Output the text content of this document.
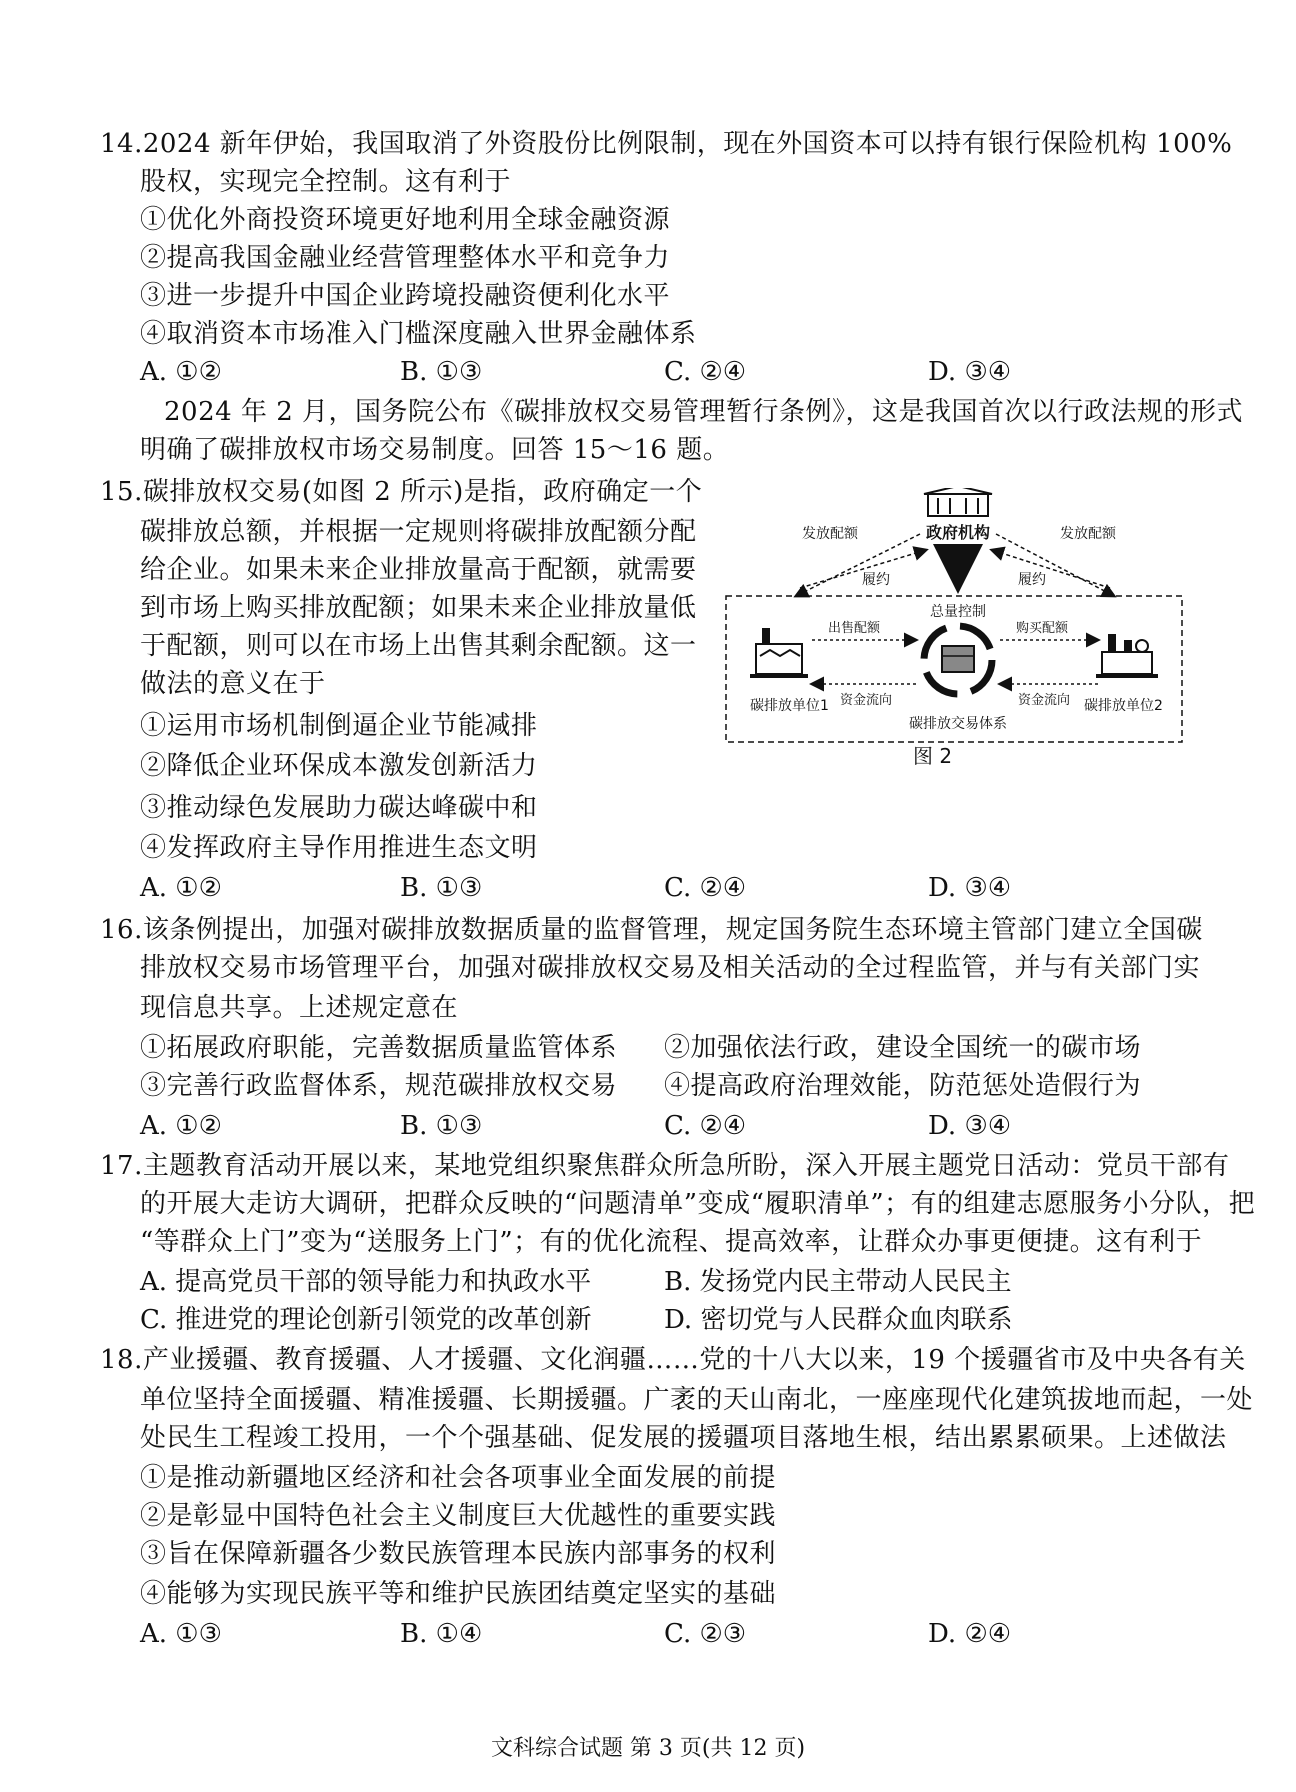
14.2024 新年伊始，我国取消了外资股份比例限制，现在外国资本可以持有银行保险机构 100%
股权，实现完全控制。这有利于
①优化外商投资环境更好地利用全球金融资源
②提高我国金融业经营管理整体水平和竞争力
③进一步提升中国企业跨境投融资便利化水平
④取消资本市场准入门槛深度融入世界金融体系
A. ①②	B. ①③	C. ②④	D. ③④
2024 年 2 月，国务院公布《碳排放权交易管理暂行条例》，这是我国首次以行政法规的形式
明确了碳排放权市场交易制度。回答 15～16 题。
15.碳排放权交易(如图 2 所示)是指，政府确定一个
碳排放总额，并根据一定规则将碳排放配额分配
给企业。如果未来企业排放量高于配额，就需要
到市场上购买排放配额；如果未来企业排放量低
于配额，则可以在市场上出售其剩余配额。这一
做法的意义在于
①运用市场机制倒逼企业节能减排
②降低企业环保成本激发创新活力
③推动绿色发展助力碳达峰碳中和
④发挥政府主导作用推进生态文明
A. ①②	B. ①③	C. ②④	D. ③④
政府机构
发放配额	发放配额
履约	履约
总量控制
出售配额	购买配额
资金流向	资金流向
碳排放单位1	碳排放单位2
碳排放交易体系
图 2
16.该条例提出，加强对碳排放数据质量的监督管理，规定国务院生态环境主管部门建立全国碳
排放权交易市场管理平台，加强对碳排放权交易及相关活动的全过程监管，并与有关部门实
现信息共享。上述规定意在
①拓展政府职能，完善数据质量监管体系 ②加强依法行政，建设全国统一的碳市场
③完善行政监督体系，规范碳排放权交易 ④提高政府治理效能，防范惩处造假行为
A. ①②	B. ①③	C. ②④	D. ③④
17.主题教育活动开展以来，某地党组织聚焦群众所急所盼，深入开展主题党日活动：党员干部有
的开展大走访大调研，把群众反映的“问题清单”变成“履职清单”；有的组建志愿服务小分队，把
“等群众上门”变为“送服务上门”；有的优化流程、提高效率，让群众办事更便捷。这有利于
A. 提高党员干部的领导能力和执政水平	B. 发扬党内民主带动人民民主
C. 推进党的理论创新引领党的改革创新	D. 密切党与人民群众血肉联系
18.产业援疆、教育援疆、人才援疆、文化润疆……党的十八大以来，19 个援疆省市及中央各有关
单位坚持全面援疆、精准援疆、长期援疆。广袤的天山南北，一座座现代化建筑拔地而起，一处
处民生工程竣工投用，一个个强基础、促发展的援疆项目落地生根，结出累累硕果。上述做法
①是推动新疆地区经济和社会各项事业全面发展的前提
②是彰显中国特色社会主义制度巨大优越性的重要实践
③旨在保障新疆各少数民族管理本民族内部事务的权利
④能够为实现民族平等和维护民族团结奠定坚实的基础
A. ①③	B. ①④	C. ②③	D. ②④
文科综合试题 第 3 页(共 12 页)
